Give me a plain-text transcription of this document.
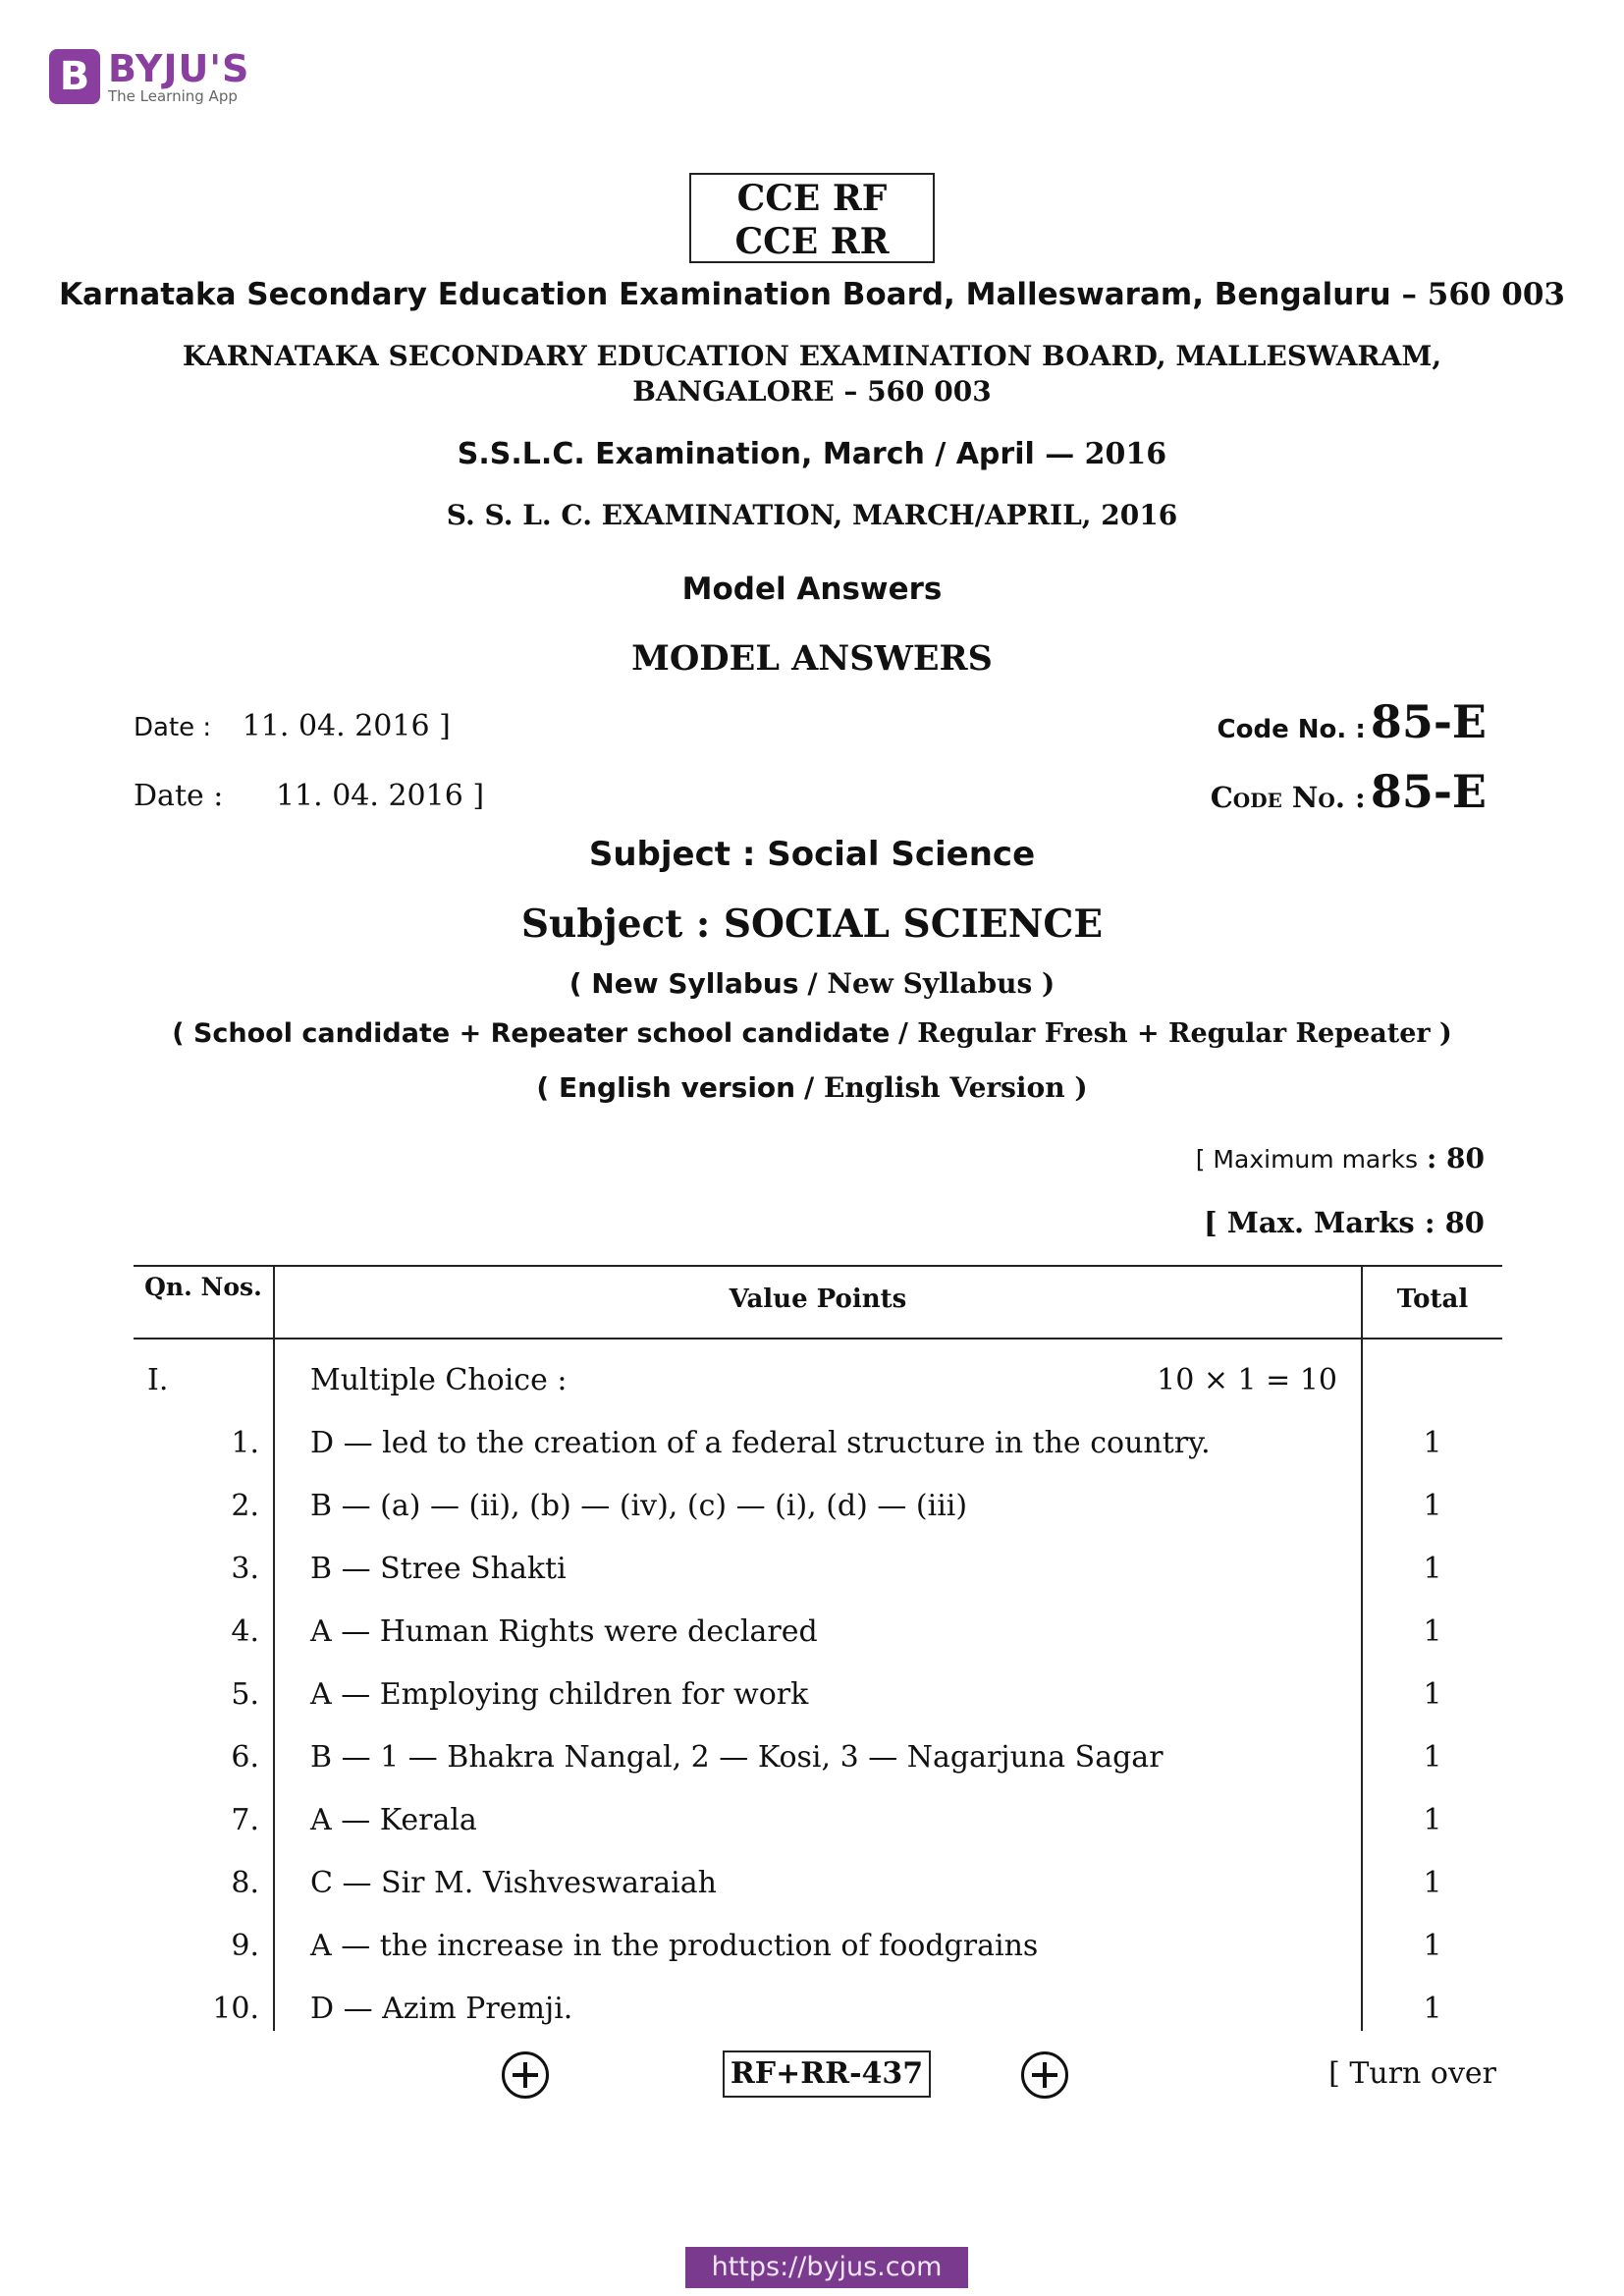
B BYJU'S
The Learning App
CCE RF
CCE RR
Karnataka Secondary Education Examination Board, Malleswaram, Bengaluru – 560 003
KARNATAKA SECONDARY EDUCATION EXAMINATION BOARD, MALLESWARAM,
BANGALORE – 560 003
S.S.L.C. Examination, March / April — 2016
S. S. L. C. EXAMINATION, MARCH/APRIL, 2016
Model Answers
MODEL ANSWERS
Date : 11. 04. 2016 ]	Code No. : 85-E
Date : 11. 04. 2016 ]	Code No. : 85-E
Subject : Social Science
Subject : SOCIAL SCIENCE
( New Syllabus / New Syllabus )
( School candidate + Repeater school candidate / Regular Fresh + Regular Repeater )
( English version / English Version )
[ Maximum marks : 80
[ Max. Marks : 80
Qn. Nos.	Value Points	Total
I.	Multiple Choice :	10 × 1 = 10
1. D — led to the creation of a federal structure in the country.	1
2. B — (a) — (ii), (b) — (iv), (c) — (i), (d) — (iii)	1
3. B — Stree Shakti	1
4. A — Human Rights were declared	1
5. A — Employing children for work	1
6. B — 1 — Bhakra Nangal, 2 — Kosi, 3 — Nagarjuna Sagar	1
7. A — Kerala	1
8. C — Sir M. Vishveswaraiah	1
9. A — the increase in the production of foodgrains	1
10. D — Azim Premji.	1
RF+RR-437	[ Turn over
https://byjus.com
